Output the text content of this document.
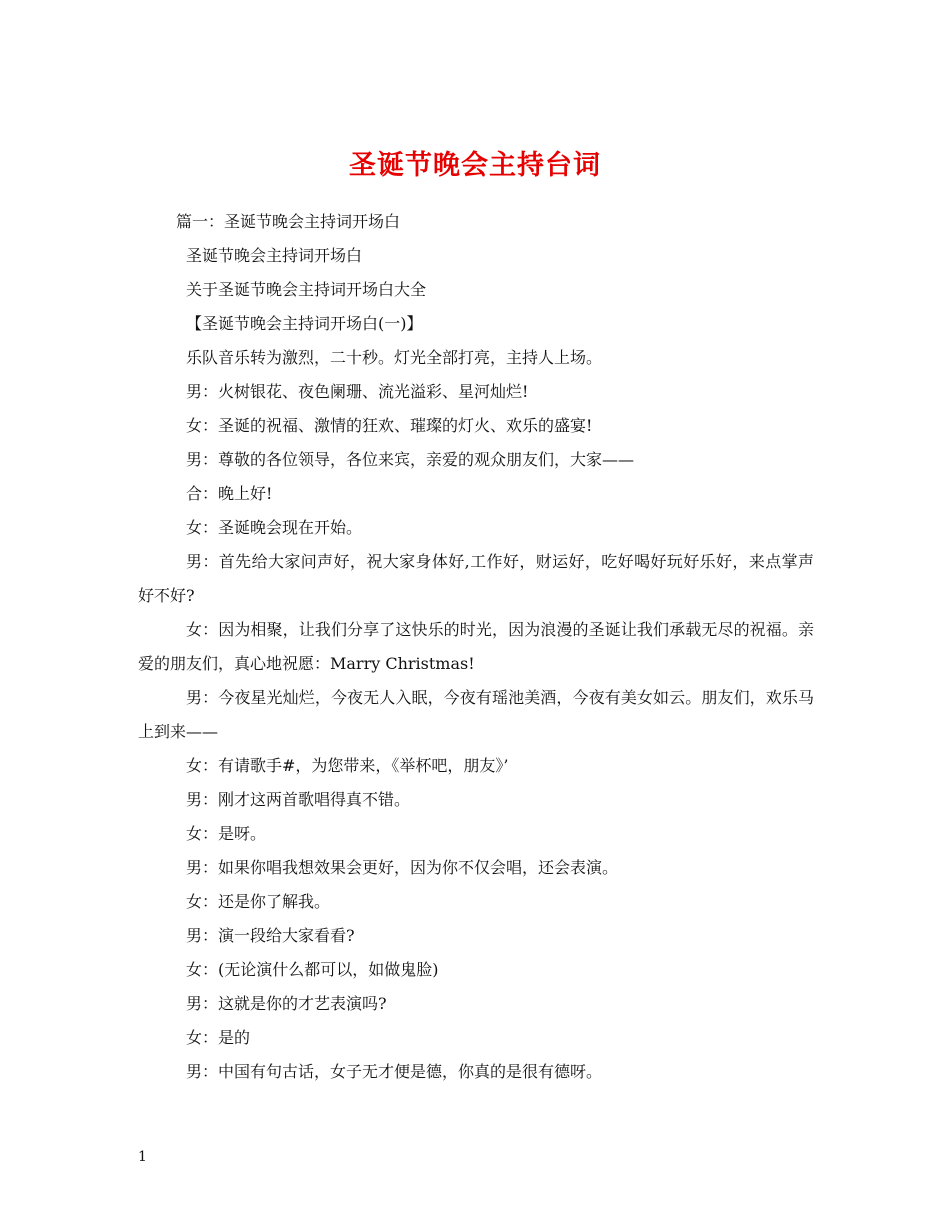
圣诞节晚会主持台词

篇一：圣诞节晚会主持词开场白

圣诞节晚会主持词开场白

关于圣诞节晚会主持词开场白大全

【圣诞节晚会主持词开场白(一)】

乐队音乐转为激烈，二十秒。灯光全部打亮，主持人上场。

男：火树银花、夜色阑珊、流光溢彩、星河灿烂!

女：圣诞的祝福、激情的狂欢、璀璨的灯火、欢乐的盛宴!

男：尊敬的各位领导，各位来宾，亲爱的观众朋友们，大家——

合：晚上好!

女：圣诞晚会现在开始。

男：首先给大家问声好，祝大家身体好,工作好，财运好，吃好喝好玩好乐好，来点掌声好不好?

女：因为相聚，让我们分享了这快乐的时光，因为浪漫的圣诞让我们承载无尽的祝福。亲爱的朋友们，真心地祝愿：Marry Christmas!

男：今夜星光灿烂，今夜无人入眠，今夜有瑶池美酒，今夜有美女如云。朋友们，欢乐马上到来——

女：有请歌手#，为您带来，《举杯吧，朋友》’

男：刚才这两首歌唱得真不错。

女：是呀。

男：如果你唱我想效果会更好，因为你不仅会唱，还会表演。

女：还是你了解我。

男：演一段给大家看看?

女：(无论演什么都可以，如做鬼脸)

男：这就是你的才艺表演吗?

女：是的

男：中国有句古话，女子无才便是德，你真的是很有德呀。

1
